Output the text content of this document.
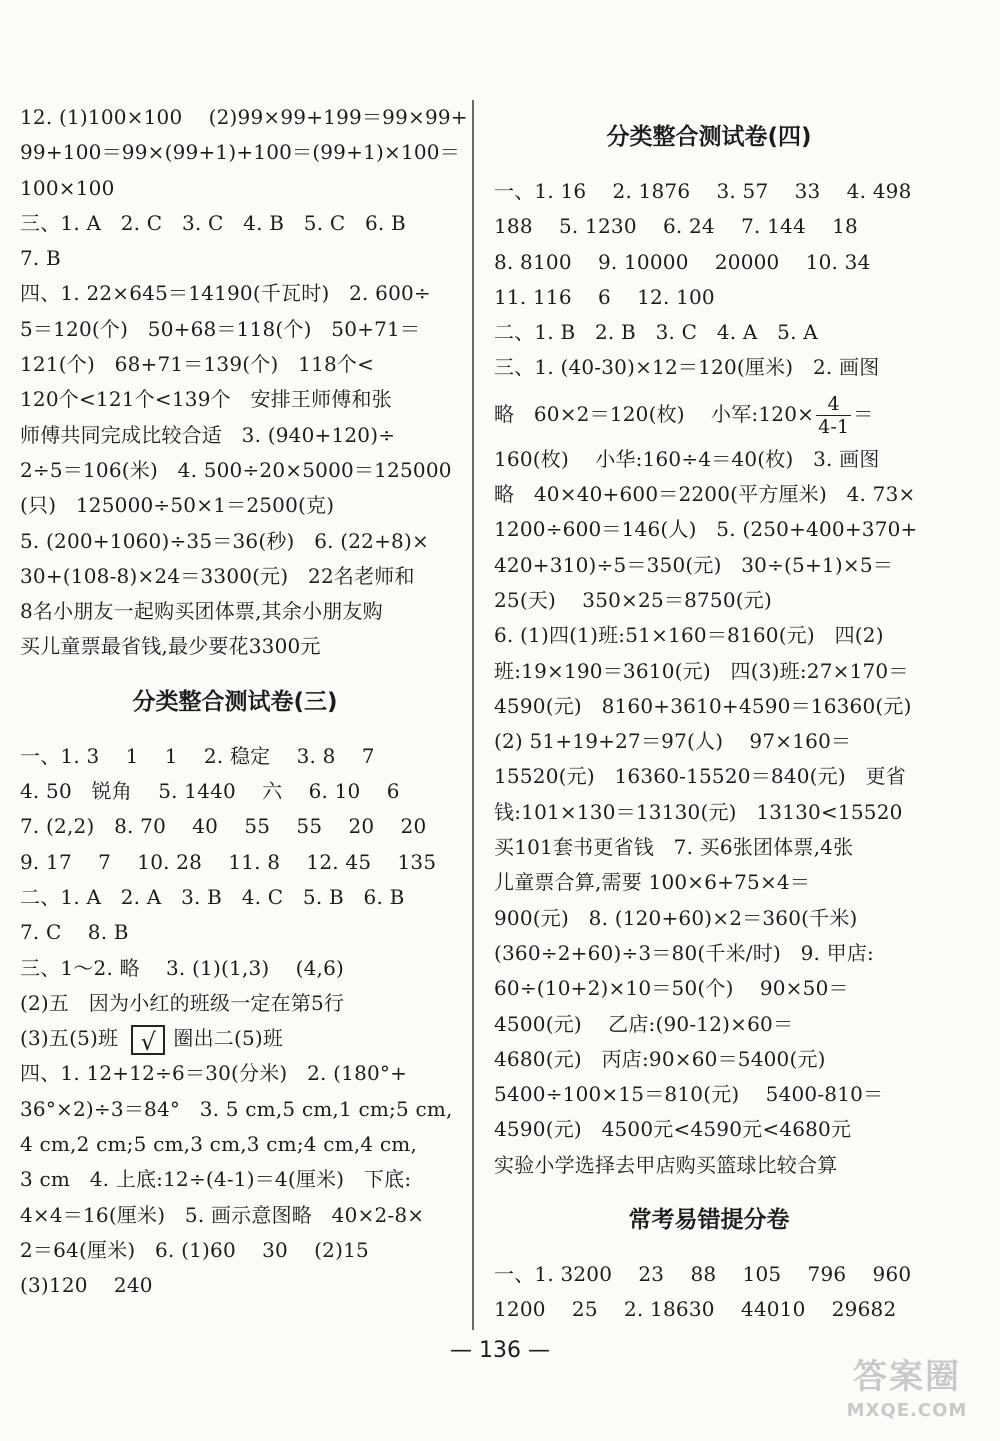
12. (1)100×100    (2)99×99+199＝99×99+
99+100＝99×(99+1)+100＝(99+1)×100＝
100×100
三、1. A   2. C   3. C   4. B   5. C   6. B
7. B
四、1. 22×645＝14190(千瓦时)   2. 600÷
5＝120(个)   50+68＝118(个)   50+71＝
121(个)   68+71＝139(个)   118个<
120个<121个<139个   安排王师傅和张
师傅共同完成比较合适   3. (940+120)÷
2÷5＝106(米)   4. 500÷20×5000＝125000
(只)   125000÷50×1＝2500(克)
5. (200+1060)÷35＝36(秒)   6. (22+8)×
30+(108-8)×24＝3300(元)   22名老师和
8名小朋友一起购买团体票,其余小朋友购
买儿童票最省钱,最少要花3300元
分类整合测试卷(三)
一、1. 3    1    1    2. 稳定    3. 8    7
4. 50   锐角    5. 1440    六    6. 10    6
7. (2,2)   8. 70    40    55    55    20    20
9. 17    7    10. 28    11. 8    12. 45    135
二、1. A   2. A   3. B   4. C   5. B   6. B
7. C    8. B
三、1～2. 略    3. (1)(1,3)    (4,6)
(2)五   因为小红的班级一定在第5行
(3)五(5)班  √ 圈出二(5)班
四、1. 12+12÷6＝30(分米)   2. (180°+
36°×2)÷3＝84°   3. 5 cm,5 cm,1 cm;5 cm,
4 cm,2 cm;5 cm,3 cm,3 cm;4 cm,4 cm,
3 cm   4. 上底:12÷(4-1)＝4(厘米)   下底:
4×4＝16(厘米)   5. 画示意图略   40×2-8×
2＝64(厘米)   6. (1)60    30    (2)15
(3)120    240
分类整合测试卷(四)
一、1. 16    2. 1876    3. 57    33    4. 498
188    5. 1230    6. 24    7. 144    18
8. 8100    9. 10000    20000    10. 34
11. 116    6    12. 100
二、1. B   2. B   3. C   4. A   5. A
三、1. (40-30)×12＝120(厘米)   2. 画图
略   60×2＝120(枚)    小军:120× $\frac{4}{4-1}$ ＝
160(枚)    小华:160÷4＝40(枚)   3. 画图
略   40×40+600＝2200(平方厘米)   4. 73×
1200÷600＝146(人)   5. (250+400+370+
420+310)÷5＝350(元)   30÷(5+1)×5＝
25(天)    350×25＝8750(元)
6. (1)四(1)班:51×160＝8160(元)   四(2)
班:19×190＝3610(元)   四(3)班:27×170＝
4590(元)   8160+3610+4590＝16360(元)
(2) 51+19+27＝97(人)    97×160＝
15520(元)   16360-15520＝840(元)   更省
钱:101×130＝13130(元)   13130<15520
买101套书更省钱   7. 买6张团体票,4张
儿童票合算,需要 100×6+75×4＝
900(元)   8. (120+60)×2＝360(千米)
(360÷2+60)÷3＝80(千米/时)   9. 甲店:
60÷(10+2)×10＝50(个)    90×50＝
4500(元)    乙店:(90-12)×60＝
4680(元)   丙店:90×60＝5400(元)
5400÷100×15＝810(元)    5400-810＝
4590(元)   4500元<4590元<4680元
实验小学选择去甲店购买篮球比较合算
常考易错提分卷
一、1. 3200    23    88    105    796    960
1200    25    2. 18630    44010    29682
— 136 —
答案圈
MXQE.COM
